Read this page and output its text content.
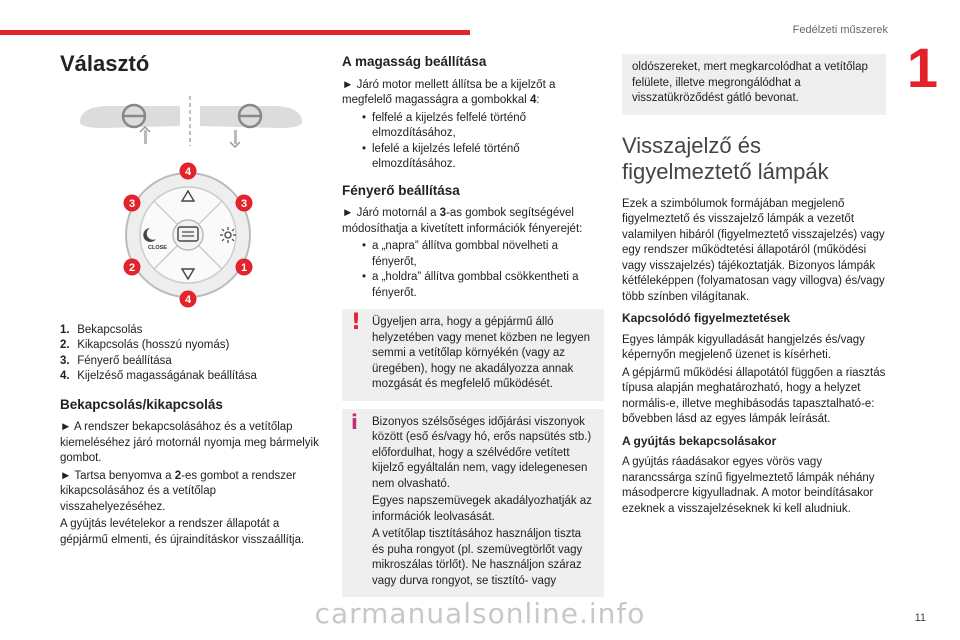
Fedélzeti műszerek
1
Választó

CLOSE
4
3	3
2	1
4
1. Bekapcsolás
2. Kikapcsolás (hosszú nyomás)
3. Fényerő beállítása
4. Kijelzéső magasságának beállítása
Bekapcsolás/kikapcsolás

► A rendszer bekapcsolásához és a vetítőlap kiemeléséhez járó motornál nyomja meg bármelyik gombot.

► Tartsa benyomva a 2-es gombot a rendszer kikapcsolásához és a vetítőlap visszahelyezéséhez.

A gyújtás levételekor a rendszer állapotát a gépjármű elmenti, és újraindításkor visszaállítja.

A magasság beállítása

► Járó motor mellett állítsa be a kijelzőt a megfelelő magasságra a gombokkal 4:

• felfelé a kijelzés felfelé történő elmozdításához,
• lefelé a kijelzés lefelé történő elmozdításához.
Fényerő beállítása

► Járó motornál a 3-as gombok segítségével módosíthatja a kivetített információk fényerejét:

• a „napra” állítva gombbal növelheti a fényerőt,
• a „holdra” állítva gombbal csökkentheti a fényerőt.
! Ügyeljen arra, hogy a gépjármű álló helyzetében vagy menet közben ne legyen semmi a vetítőlap környékén (vagy az üregében), hogy ne akadályozza annak mozgását és megfelelő működését.

i Bizonyos szélsőséges időjárási viszonyok között (eső és/vagy hó, erős napsütés stb.) előfordulhat, hogy a szélvédőre vetített kijelző egyáltalán nem, vagy idelegenesen nem olvasható.

Egyes napszemüvegek akadályozhatják az információk leolvasását.

A vetítőlap tisztításához használjon tiszta és puha rongyot (pl. szemüvegtörlőt vagy mikroszálas törlőt). Ne használjon száraz vagy durva rongyot, se tisztító- vagy

oldószereket, mert megkarcolódhat a vetítőlap felülete, illetve megrongálódhat a visszatükröződést gátló bevonat.

Visszajelző és figyelmeztető lámpák

Ezek a szimbólumok formájában megjelenő figyelmeztető és visszajelző lámpák a vezetőt valamilyen hibáról (figyelmeztető visszajelzés) vagy egy rendszer működtetési állapotáról (működési vagy visszajelzés) tájékoztatják. Bizonyos lámpák kétféleképpen (folyamatosan vagy villogva) és/vagy több színben világítanak.

Kapcsolódó figyelmeztetések

Egyes lámpák kigyulladását hangjelzés és/vagy képernyőn megjelenő üzenet is kísérheti.

A gépjármű működési állapotától függően a riasztás típusa alapján meghatározható, hogy a helyzet normális-e, illetve meghibásodás tapasztalható-e: bővebben lásd az egyes lámpák leírását.

A gyújtás bekapcsolásakor

A gyújtás ráadásakor egyes vörös vagy narancssárga színű figyelmeztető lámpák néhány másodpercre kigyulladnak. A motor beindításakor ezeknek a visszajelzéseknek ki kell aludniuk.

carmanualsonline.info	11
